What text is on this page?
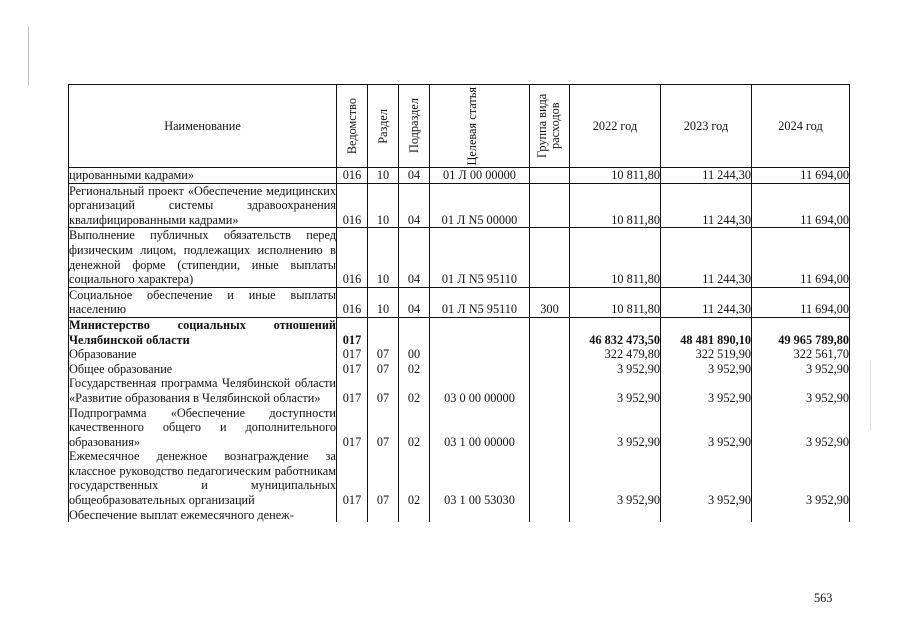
Наименование	Ведомство	Раздел	Подраздел	Целевая статья	Группа вида расходов	2022 год	2023 год	2024 год
цированными кадрами»	016	10	04	01 Л 00 00000		10 811,80	11 244,30	11 694,00
Региональный проект «Обеспечение медицинских организаций системы здравоохранения квалифицированными кадрами»	016	10	04	01 Л N5 00000		10 811,80	11 244,30	11 694,00
Выполнение публичных обязательств перед физическим лицом, подлежащих исполнению в денежной форме (стипендии, иные выплаты социального характера)	016	10	04	01 Л N5 95110		10 811,80	11 244,30	11 694,00
Социальное обеспечение и иные выплаты населению	016	10	04	01 Л N5 95110	300	10 811,80	11 244,30	11 694,00
Министерство социальных отношений Челябинской области	017					46 832 473,50	48 481 890,10	49 965 789,80
Образование	017	07	00			322 479,80	322 519,90	322 561,70
Общее образование	017	07	02			3 952,90	3 952,90	3 952,90
Государственная программа Челябинской области «Развитие образования в Челябинской области»	017	07	02	03 0 00 00000		3 952,90	3 952,90	3 952,90
Подпрограмма «Обеспечение доступности качественного общего и дополнительного образования»	017	07	02	03 1 00 00000		3 952,90	3 952,90	3 952,90
Ежемесячное денежное вознаграждение за классное руководство педагогическим работникам государственных и муниципальных общеобразовательных организаций	017	07	02	03 1 00 53030		3 952,90	3 952,90	3 952,90
Обеспечение выплат ежемесячного денеж-								
563
